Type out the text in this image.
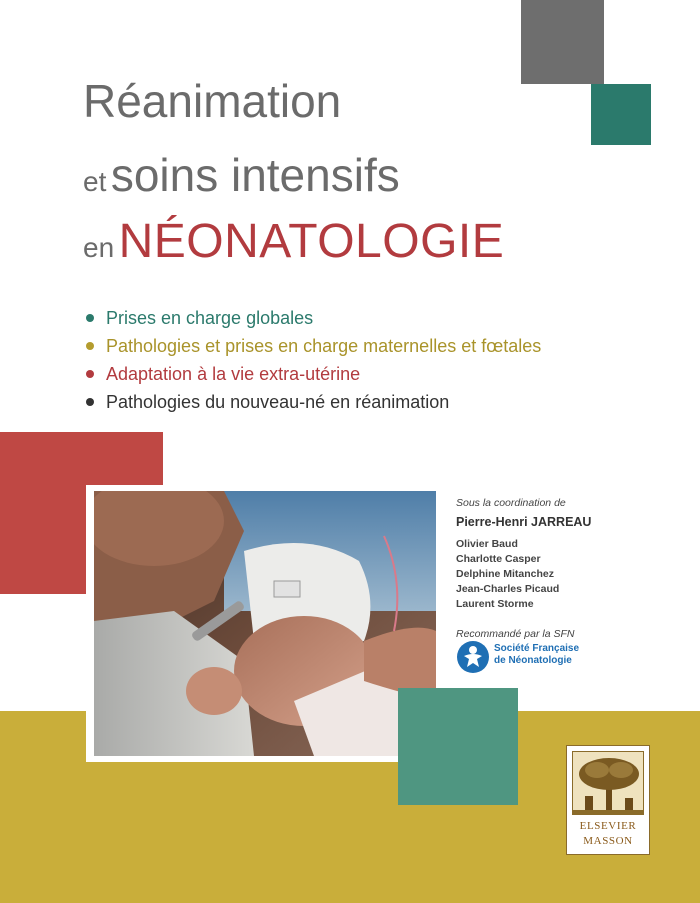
Réanimation
et soins intensifs
en NÉONATOLOGIE
Prises en charge globales
Pathologies et prises en charge maternelles et fœtales
Adaptation à la vie extra-utérine
Pathologies du nouveau-né en réanimation
Sous la coordination de
Pierre-Henri JARREAU
Olivier Baud
Charlotte Casper
Delphine Mitanchez
Jean-Charles Picaud
Laurent Storme
Recommandé par la SFN
Société Française
de Néonatologie
ELSEVIER
MASSON
